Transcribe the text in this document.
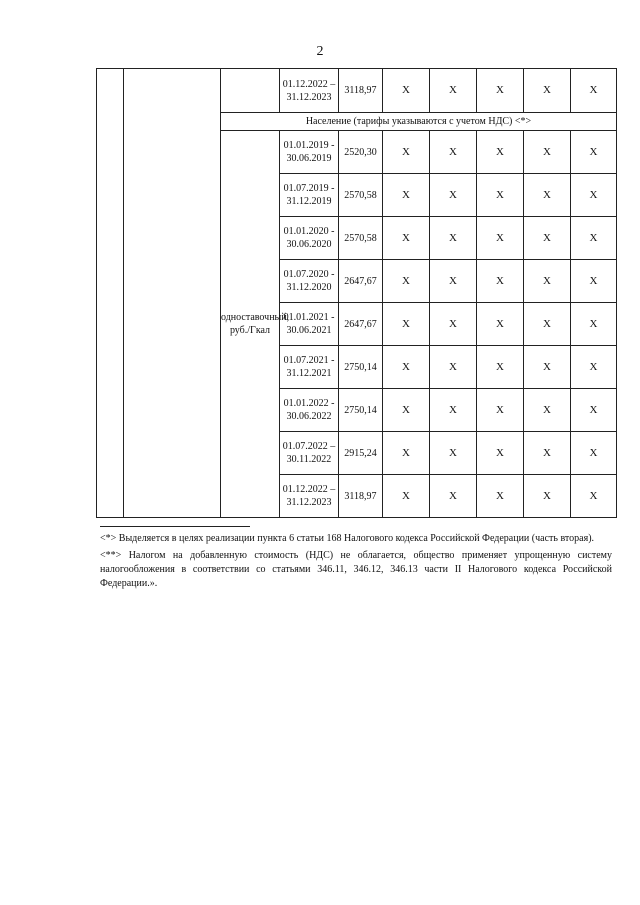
2
			01.12.2022 – 31.12.2023	3118,97	Х	Х	Х	Х	Х
		Население (тарифы указываются с учетом НДС) <*>							
		одноставочный, руб./Гкал	01.01.2019 - 30.06.2019	2520,30	Х	Х	Х	Х	Х
			01.07.2019 - 31.12.2019	2570,58	Х	Х	Х	Х	Х
			01.01.2020 - 30.06.2020	2570,58	Х	Х	Х	Х	Х
			01.07.2020 - 31.12.2020	2647,67	Х	Х	Х	Х	Х
			01.01.2021 - 30.06.2021	2647,67	Х	Х	Х	Х	Х
			01.07.2021 - 31.12.2021	2750,14	Х	Х	Х	Х	Х
			01.01.2022 - 30.06.2022	2750,14	Х	Х	Х	Х	Х
			01.07.2022 – 30.11.2022	2915,24	Х	Х	Х	Х	Х
			01.12.2022 – 31.12.2023	3118,97	Х	Х	Х	Х	Х

<*> Выделяется в целях реализации пункта 6 статьи 168 Налогового кодекса Российской Федерации (часть вторая).

<**> Налогом на добавленную стоимость (НДС) не облагается, общество применяет упрощенную систему налогообложения в соответствии со статьями 346.11, 346.12, 346.13 части II Налогового кодекса Российской Федерации.».
